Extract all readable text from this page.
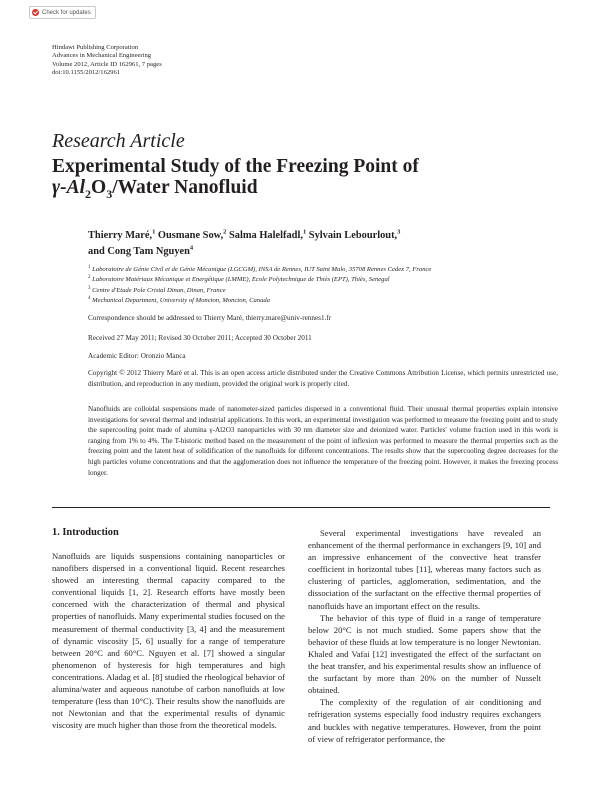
Check for updates
Hindawi Publishing Corporation
Advances in Mechanical Engineering
Volume 2012, Article ID 162961, 7 pages
doi:10.1155/2012/162961
Research Article
Experimental Study of the Freezing Point of
$\gamma-Al_2O_3$/Water Nanofluid
Thierry Maré,$^1$ Ousmane Sow,$^2$ Salma Halelfadl,$^1$ Sylvain Lebourlout,$^3$
and Cong Tam Nguyen$^4$
$^1$ Laboratoire de Génie Civil et de Génie Mécanique (LGCGM), INSA de Rennes, IUT Saint Malo, 35708 Rennes Cedex 7, France
$^2$ Laboratoire Matériaux Mécanique et Energétique (LMME), Ecole Polytechnique de Thiès (EPT), Thiès, Senegal
$^3$ Centre d'Etude Pole Cristal Dinan, Dinan, France
$^4$ Mechanical Department, University of Moncton, Moncton, Canada
Correspondence should be addressed to Thierry Maré, thierry.mare@univ-rennes1.fr
Received 27 May 2011; Revised 30 October 2011; Accepted 30 October 2011
Academic Editor: Oronzio Manca
Copyright © 2012 Thierry Maré et al. This is an open access article distributed under the Creative Commons Attribution License, which permits unrestricted use, distribution, and reproduction in any medium, provided the original work is properly cited.
Nanofluids are colloidal suspensions made of nanometer-sized particles dispersed in a conventional fluid. Their unusual thermal properties explain intensive investigations for several thermal and industrial applications. In this work, an experimental investigation was performed to measure the freezing point and to study the supercooling point made of alumina γ-Al2O3 nanoparticles with 30 nm diameter size and deionized water. Particles' volume fraction used in this work is ranging from 1% to 4%. The T-historic method based on the measurement of the point of inflexion was performed to measure the thermal properties such as the freezing point and the latent heat of solidification of the nanofluids for different concentrations. The results show that the supercooling degree decreases for the high particles volume concentrations and that the agglomeration does not influence the temperature of the freezing point. However, it makes the freezing process longer.
1. Introduction

Nanofluids are liquids suspensions containing nanoparticles or nanofibers dispersed in a conventional liquid. Recent researches showed an interesting thermal capacity compared to the conventional liquids [1, 2]. Research efforts have mostly been concerned with the characterization of thermal and physical properties of nanofluids. Many experimental studies focused on the measurement of thermal conductivity [3, 4] and the measurement of dynamic viscosity [5, 6] usually for a range of temperature between 20°C and 60°C. Nguyen et al. [7] showed a singular phenomenon of hysteresis for high temperatures and high concentrations. Aladag et al. [8] studied the rheological behavior of alumina/water and aqueous nanotube of carbon nanofluids at low temperature (less than 10°C). Their results show the nanofluids are not Newtonian and that the experimental results of dynamic viscosity are much higher than those from the theoretical models.

Several experimental investigations have revealed an enhancement of the thermal performance in exchangers [9, 10] and an impressive enhancement of the convective heat transfer coefficient in horizontal tubes [11], whereas many factors such as clustering of particles, agglomeration, sedimentation, and the dissociation of the surfactant on the effective thermal properties of nanofluids have an important effect on the results.

The behavior of this type of fluid in a range of temperature below 20°C is not much studied. Some papers show that the behavior of these fluids at low temperature is no longer Newtonian. Khaled and Vafai [12] investigated the effect of the surfactant on the heat transfer, and his experimental results show an influence of the surfactant by more than 20% on the number of Nusselt obtained.

The complexity of the regulation of air conditioning and refrigeration systems especially food industry requires exchangers and buckles with negative temperatures. However, from the point of view of refrigerator performance, the
